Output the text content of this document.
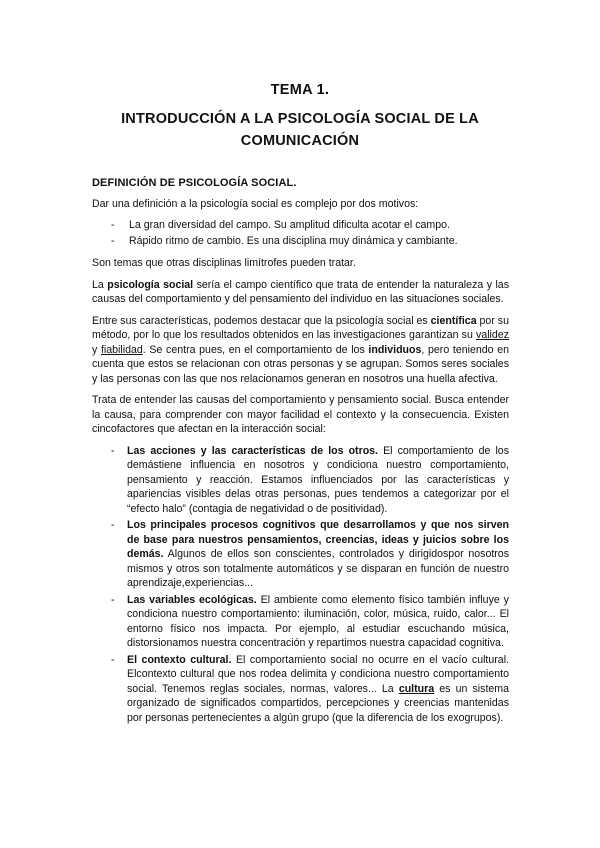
TEMA 1.
INTRODUCCIÓN A LA PSICOLOGÍA SOCIAL DE LA COMUNICACIÓN
DEFINICIÓN DE PSICOLOGÍA SOCIAL.

Dar una definición a la psicología social es complejo por dos motivos:

- La gran diversidad del campo. Su amplitud dificulta acotar el campo.
- Rápido ritmo de cambio. Es una disciplina muy dinámica y cambiante.

Son temas que otras disciplinas limítrofes pueden tratar.

La psicología social sería el campo científico que trata de entender la naturaleza y las causas del comportamiento y del pensamiento del individuo en las situaciones sociales.

Entre sus características, podemos destacar que la psicología social es científica por su método, por lo que los resultados obtenidos en las investigaciones garantizan su validez y fiabilidad. Se centra pues, en el comportamiento de los individuos, pero teniendo en cuenta que estos se relacionan con otras personas y se agrupan. Somos seres sociales y las personas con las que nos relacionamos generan en nosotros una huella afectiva.

Trata de entender las causas del comportamiento y pensamiento social. Busca entender la causa, para comprender con mayor facilidad el contexto y la consecuencia. Existen cincofactores que afectan en la interacción social:

- Las acciones y las características de los otros. El comportamiento de los demástiene influencia en nosotros y condiciona nuestro comportamiento, pensamiento y reacción. Estamos influenciados por las características y apariencias visibles delas otras personas, pues tendemos a categorizar por el “efecto halo” (contagia de negatividad o de positividad).
- Los principales procesos cognitivos que desarrollamos y que nos sirven de base para nuestros pensamientos, creencias, ideas y juicios sobre los demás. Algunos de ellos son conscientes, controlados y dirigidospor nosotros mismos y otros son totalmente automáticos y se disparan en función de nuestro aprendizaje,experiencias...
- Las variables ecológicas. El ambiente como elemento físico también influye y condiciona nuestro comportamiento: iluminación, color, música, ruido, calor... El entorno físico nos impacta. Por ejemplo, al estudiar escuchando música, distorsionamos nuestra concentración y repartimos nuestra capacidad cognitiva.
- El contexto cultural. El comportamiento social no ocurre en el vacío cultural. Elcontexto cultural que nos rodea delimita y condiciona nuestro comportamiento social. Tenemos reglas sociales, normas, valores... La cultura es un sistema organizado de significados compartidos, percepciones y creencias mantenidas por personas pertenecientes a algún grupo (que la diferencia de los exogrupos).
